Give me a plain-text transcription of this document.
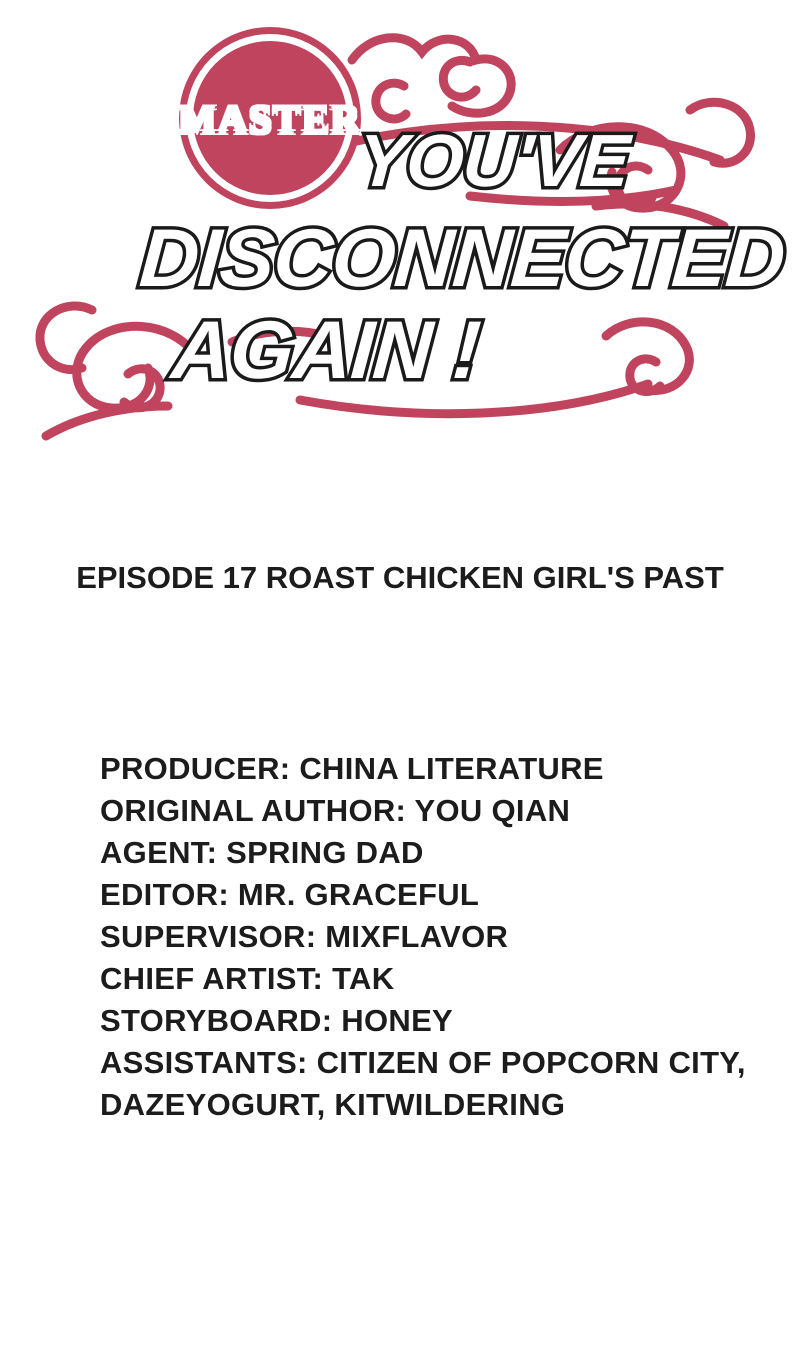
MASTER
YOU'VE
DISCONNECTED
AGAIN !
EPISODE 17 ROAST CHICKEN GIRL'S PAST
PRODUCER: CHINA LITERATURE
ORIGINAL AUTHOR: YOU QIAN
AGENT: SPRING DAD
EDITOR: MR. GRACEFUL
SUPERVISOR: MIXFLAVOR
CHIEF ARTIST: TAK
STORYBOARD: HONEY
ASSISTANTS: CITIZEN OF POPCORN CITY,
DAZEYOGURT, KITWILDERING
